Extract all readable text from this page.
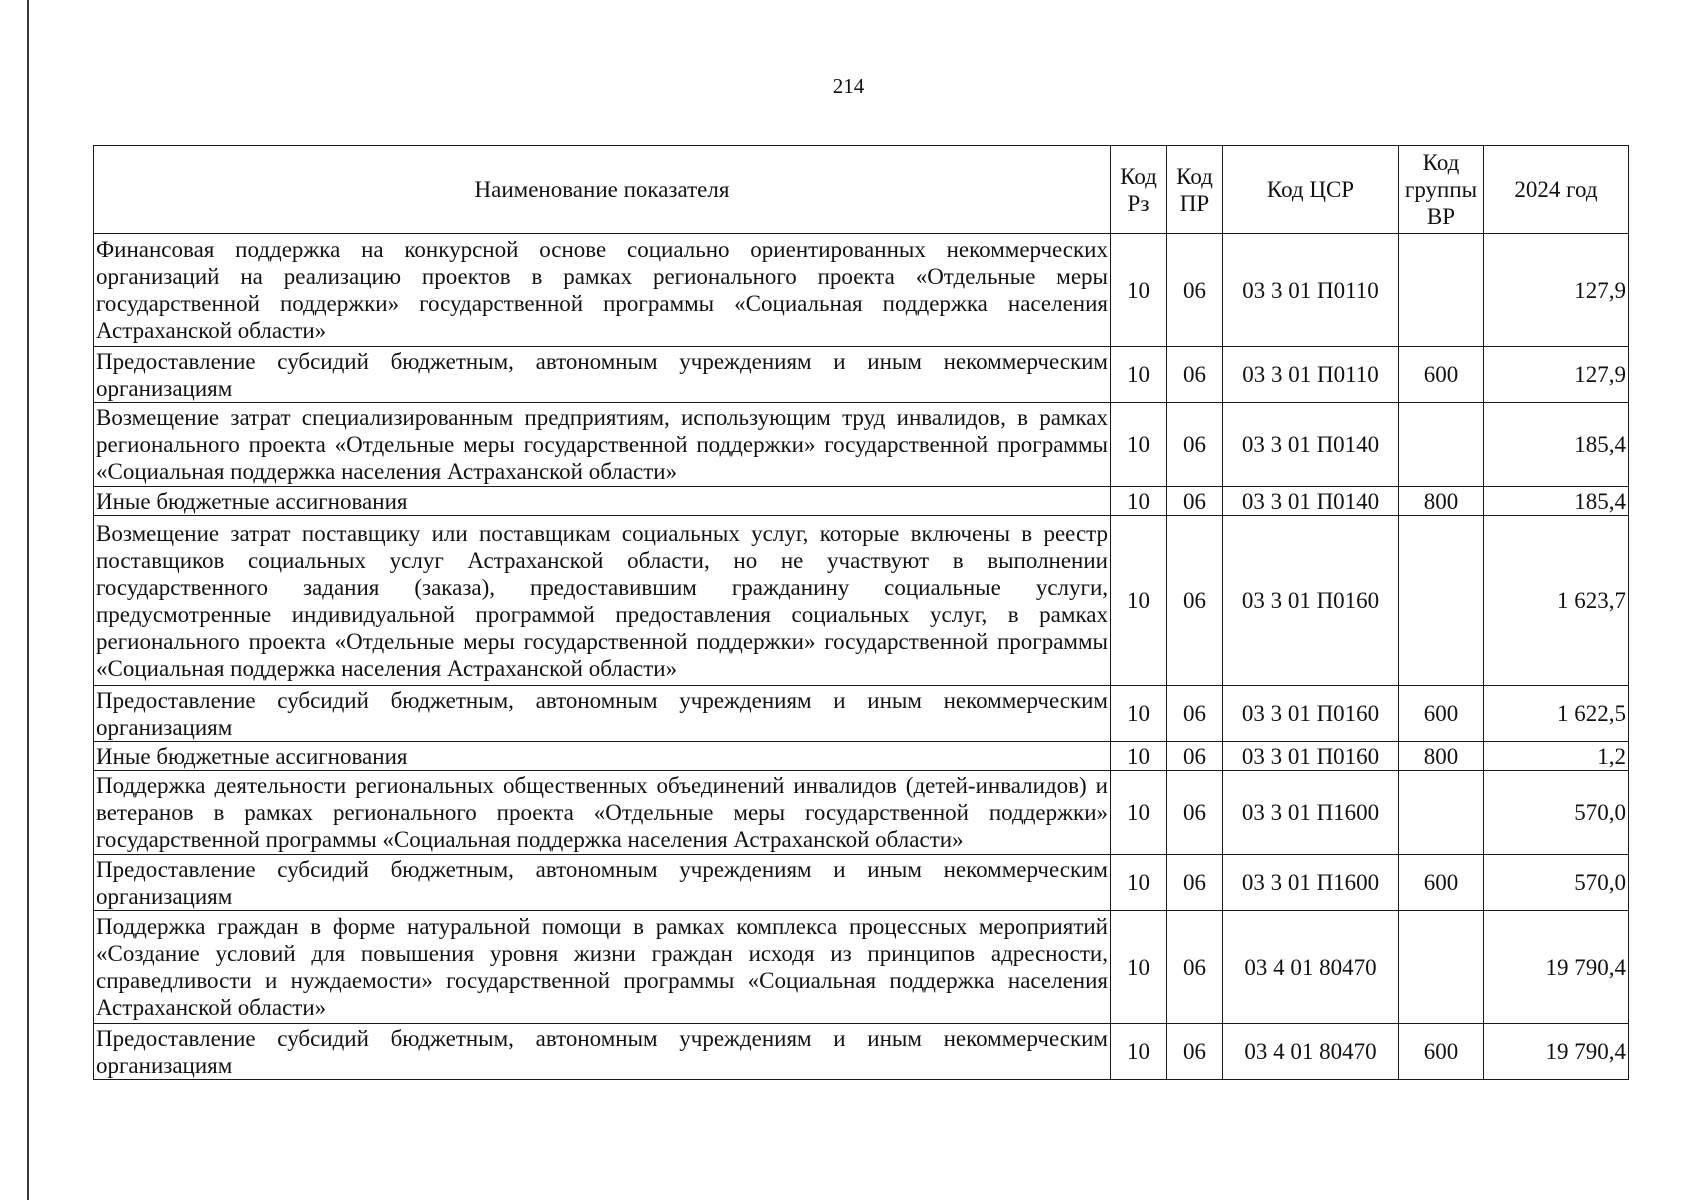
214
Наименование показателя	Код Рз	Код ПР	Код ЦСР	Код группы ВР	2024 год
Финансовая поддержка на конкурсной основе социально ориентированных некоммерческих организаций на реализацию проектов в рамках регионального проекта «Отдельные меры государственной поддержки» государственной программы «Социальная поддержка населения Астраханской области»	10	06	03 3 01 П0110		127,9
Предоставление субсидий бюджетным, автономным учреждениям и иным некоммерческим организациям	10	06	03 3 01 П0110	600	127,9
Возмещение затрат специализированным предприятиям, использующим труд инвалидов, в рамках регионального проекта «Отдельные меры государственной поддержки» государственной программы «Социальная поддержка населения Астраханской области»	10	06	03 3 01 П0140		185,4
Иные бюджетные ассигнования	10	06	03 3 01 П0140	800	185,4
Возмещение затрат поставщику или поставщикам социальных услуг, которые включены в реестр поставщиков социальных услуг Астраханской области, но не участвуют в выполнении государственного задания (заказа), предоставившим гражданину социальные услуги, предусмотренные индивидуальной программой предоставления социальных услуг, в рамках регионального проекта «Отдельные меры государственной поддержки» государственной программы «Социальная поддержка населения Астраханской области»	10	06	03 3 01 П0160		1 623,7
Предоставление субсидий бюджетным, автономным учреждениям и иным некоммерческим организациям	10	06	03 3 01 П0160	600	1 622,5
Иные бюджетные ассигнования	10	06	03 3 01 П0160	800	1,2
Поддержка деятельности региональных общественных объединений инвалидов (детей-инвалидов) и ветеранов в рамках регионального проекта «Отдельные меры государственной поддержки» государственной программы «Социальная поддержка населения Астраханской области»	10	06	03 3 01 П1600		570,0
Предоставление субсидий бюджетным, автономным учреждениям и иным некоммерческим организациям	10	06	03 3 01 П1600	600	570,0
Поддержка граждан в форме натуральной помощи в рамках комплекса процессных мероприятий «Создание условий для повышения уровня жизни граждан исходя из принципов адресности, справедливости и нуждаемости» государственной программы «Социальная поддержка населения Астраханской области»	10	06	03 4 01 80470		19 790,4
Предоставление субсидий бюджетным, автономным учреждениям и иным некоммерческим организациям	10	06	03 4 01 80470	600	19 790,4
